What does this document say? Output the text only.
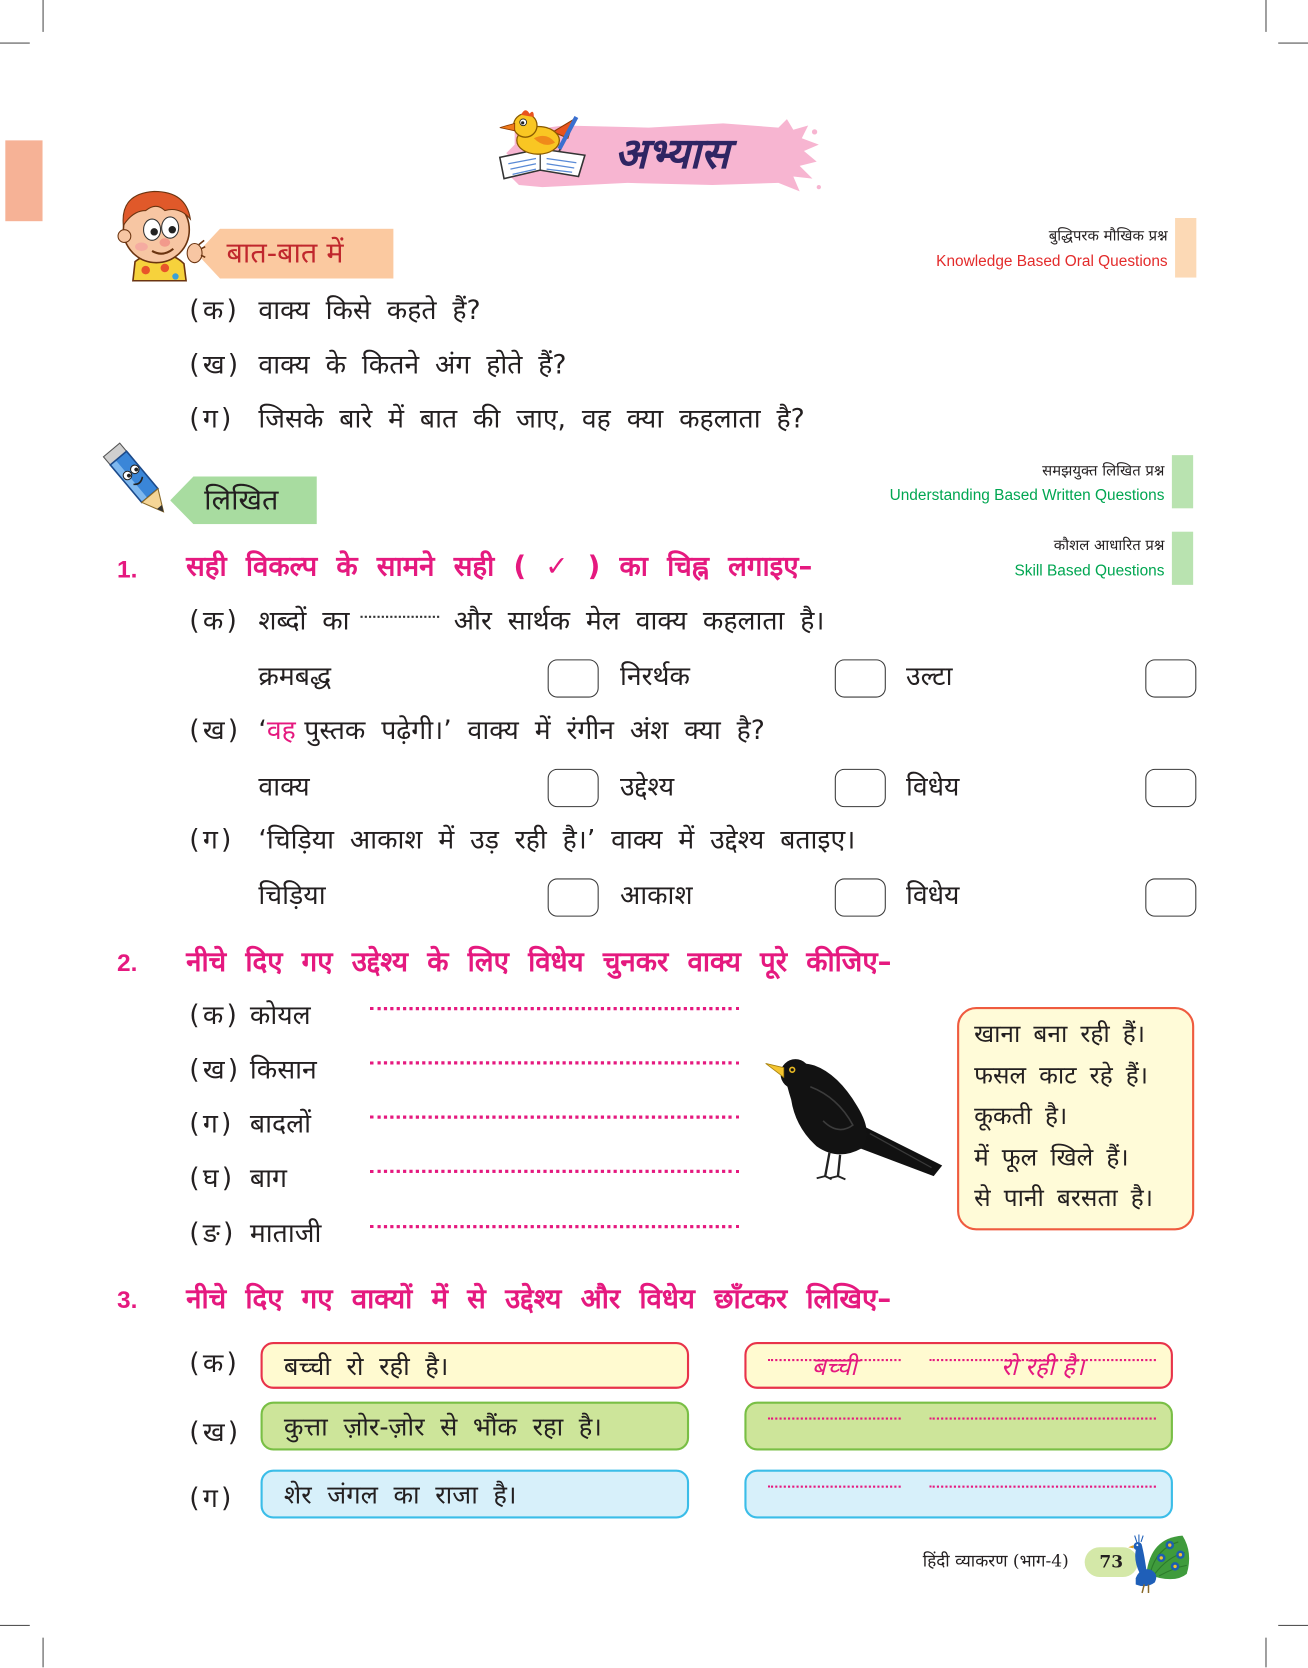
अभ्यास
बात-बात में
बुद्धिपरक मौखिक प्रश्न
Knowledge Based Oral Questions
(क) वाक्य किसे कहते हैं?
(ख) वाक्य के कितने अंग होते हैं?
(ग) जिसके बारे में बात की जाए, वह क्या कहलाता है?
लिखित
समझयुक्त लिखित प्रश्न
Understanding Based Written Questions
कौशल आधारित प्रश्न
Skill Based Questions
1. सही विकल्प के सामने सही ( ✓ ) का चिह्न लगाइए–
(क) शब्दों का	और सार्थक मेल वाक्य कहलाता है।
क्रमबद्ध	निरर्थक	उल्टा
(ख) ‘वह पुस्तक पढ़ेगी।’ वाक्य में रंगीन अंश क्या है?
वाक्य	उद्देश्य	विधेय
(ग) ‘चिड़िया आकाश में उड़ रही है।’ वाक्य में उद्देश्य बताइए।
चिड़िया	आकाश	विधेय
2. नीचे दिए गए उद्देश्य के लिए विधेय चुनकर वाक्य पूरे कीजिए–
(क) कोयल
(ख) किसान
(ग) बादलों
(घ) बाग
(ङ) माताजी
खाना बना रही हैं।
फसल काट रहे हैं।
कूकती है।
में फूल खिले हैं।
से पानी बरसता है।
3. नीचे दिए गए वाक्यों में से उद्देश्य और विधेय छाँटकर लिखिए–
(क) बच्ची रो रही है।	बच्ची	रो रही है।
(ख) कुत्ता ज़ोर-ज़ोर से भौंक रहा है।
(ग) शेर जंगल का राजा है।
हिंदी व्याकरण (भाग-4)	73
